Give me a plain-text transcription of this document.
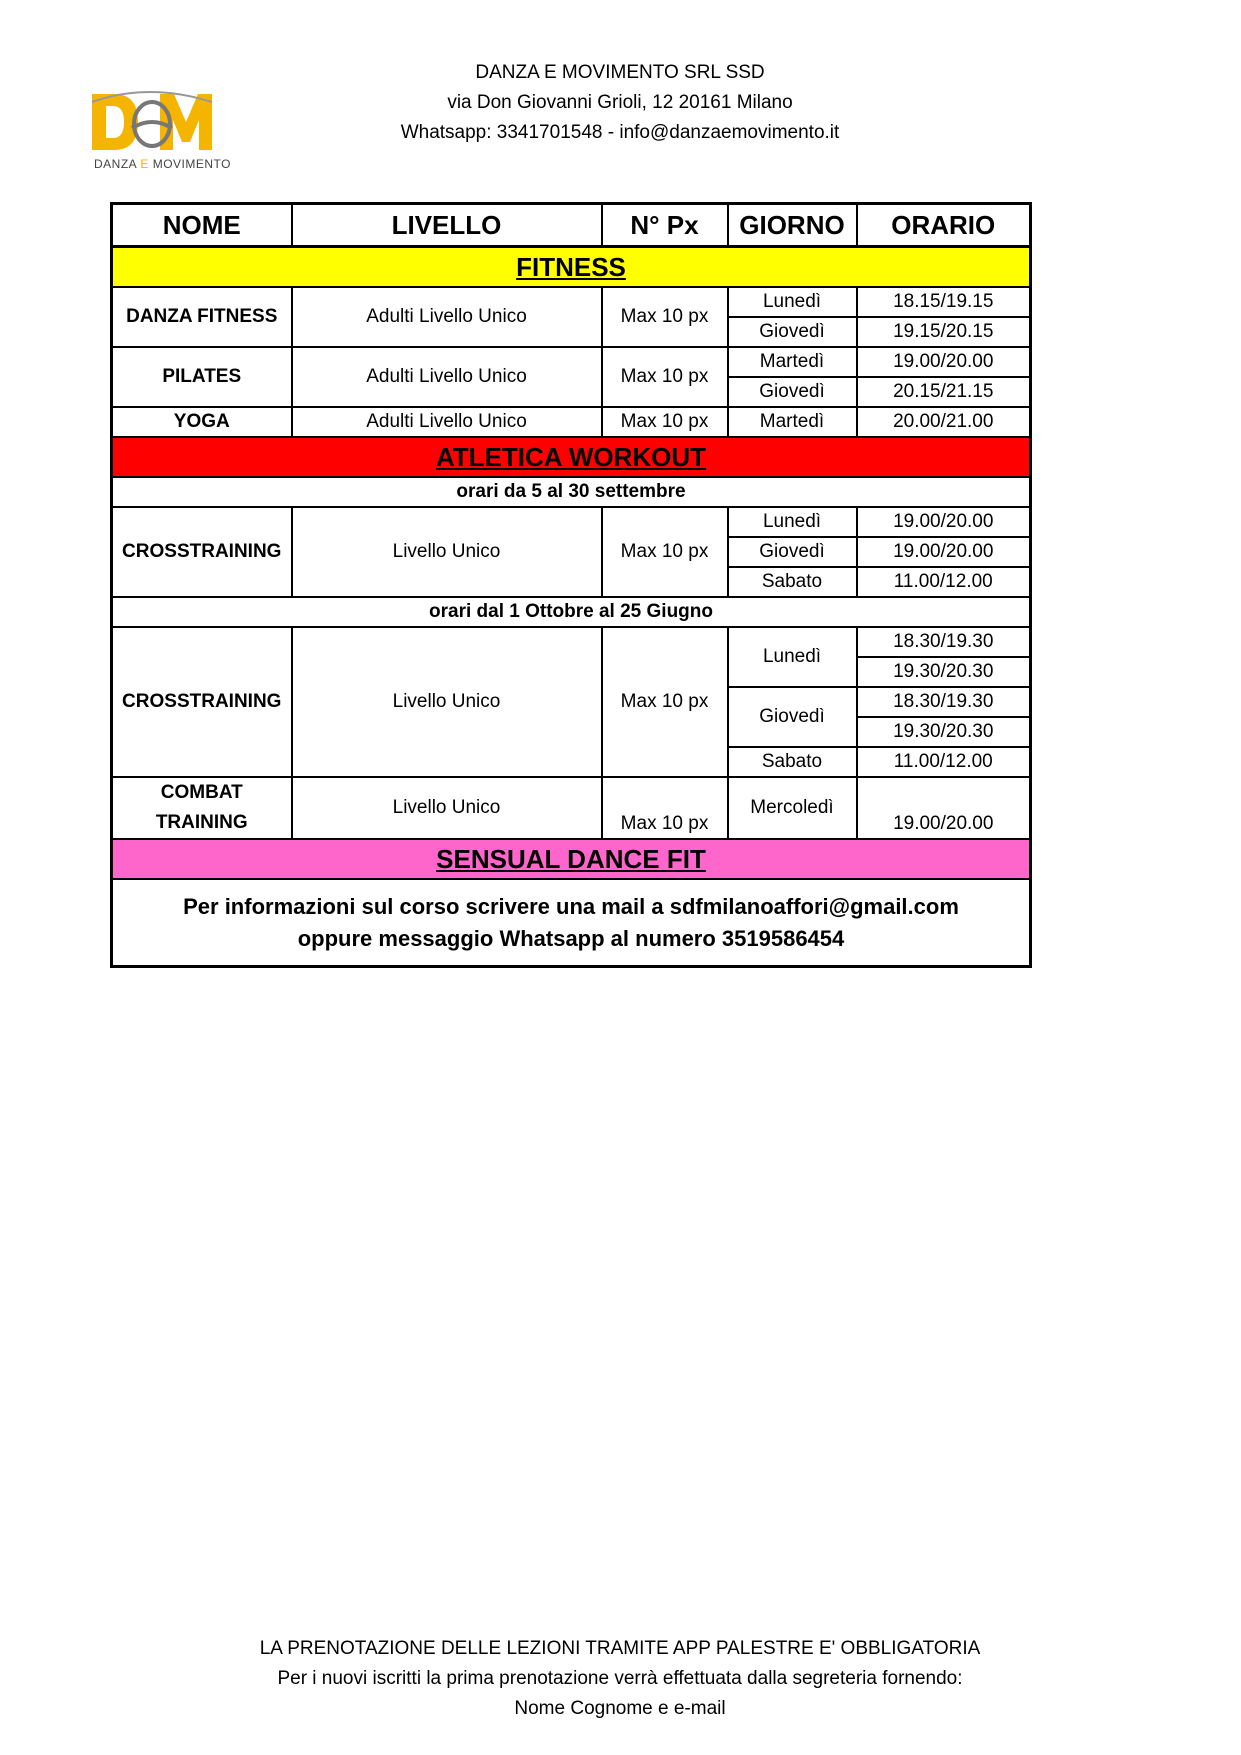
DANZA E MOVIMENTO
DANZA E MOVIMENTO SRL SSD
via Don Giovanni Grioli, 12 20161 Milano
Whatsapp: 3341701548 - info@danzaemovimento.it
NOME	LIVELLO	N° Px	GIORNO	ORARIO
FITNESS				
DANZA FITNESS	Adulti Livello Unico	Max 10 px	Lunedì	18.15/19.15
			Giovedì	19.15/20.15
PILATES	Adulti Livello Unico	Max 10 px	Martedì	19.00/20.00
			Giovedì	20.15/21.15
YOGA	Adulti Livello Unico	Max 10 px	Martedì	20.00/21.00
ATLETICA WORKOUT				
orari da 5 al 30 settembre				
CROSSTRAINING	Livello Unico	Max 10 px	Lunedì	19.00/20.00
			Giovedì	19.00/20.00
			Sabato	11.00/12.00
orari dal 1 Ottobre al 25 Giugno				
CROSSTRAINING	Livello Unico	Max 10 px	Lunedì	18.30/19.30
				19.30/20.30
			Giovedì	18.30/19.30
				19.30/20.30
			Sabato	11.00/12.00

COMBAT
TRAINING	Livello Unico	Max 10 px	Mercoledì	19.00/20.00
SENSUAL DANCE FIT				

Per informazioni sul corso scrivere una mail a sdfmilanoaffori@gmail.com
oppure messaggio Whatsapp al numero 3519586454				
LA PRENOTAZIONE DELLE LEZIONI TRAMITE APP PALESTRE E' OBBLIGATORIA
Per i nuovi iscritti la prima prenotazione verrà effettuata dalla segreteria fornendo:
Nome Cognome e e-mail
